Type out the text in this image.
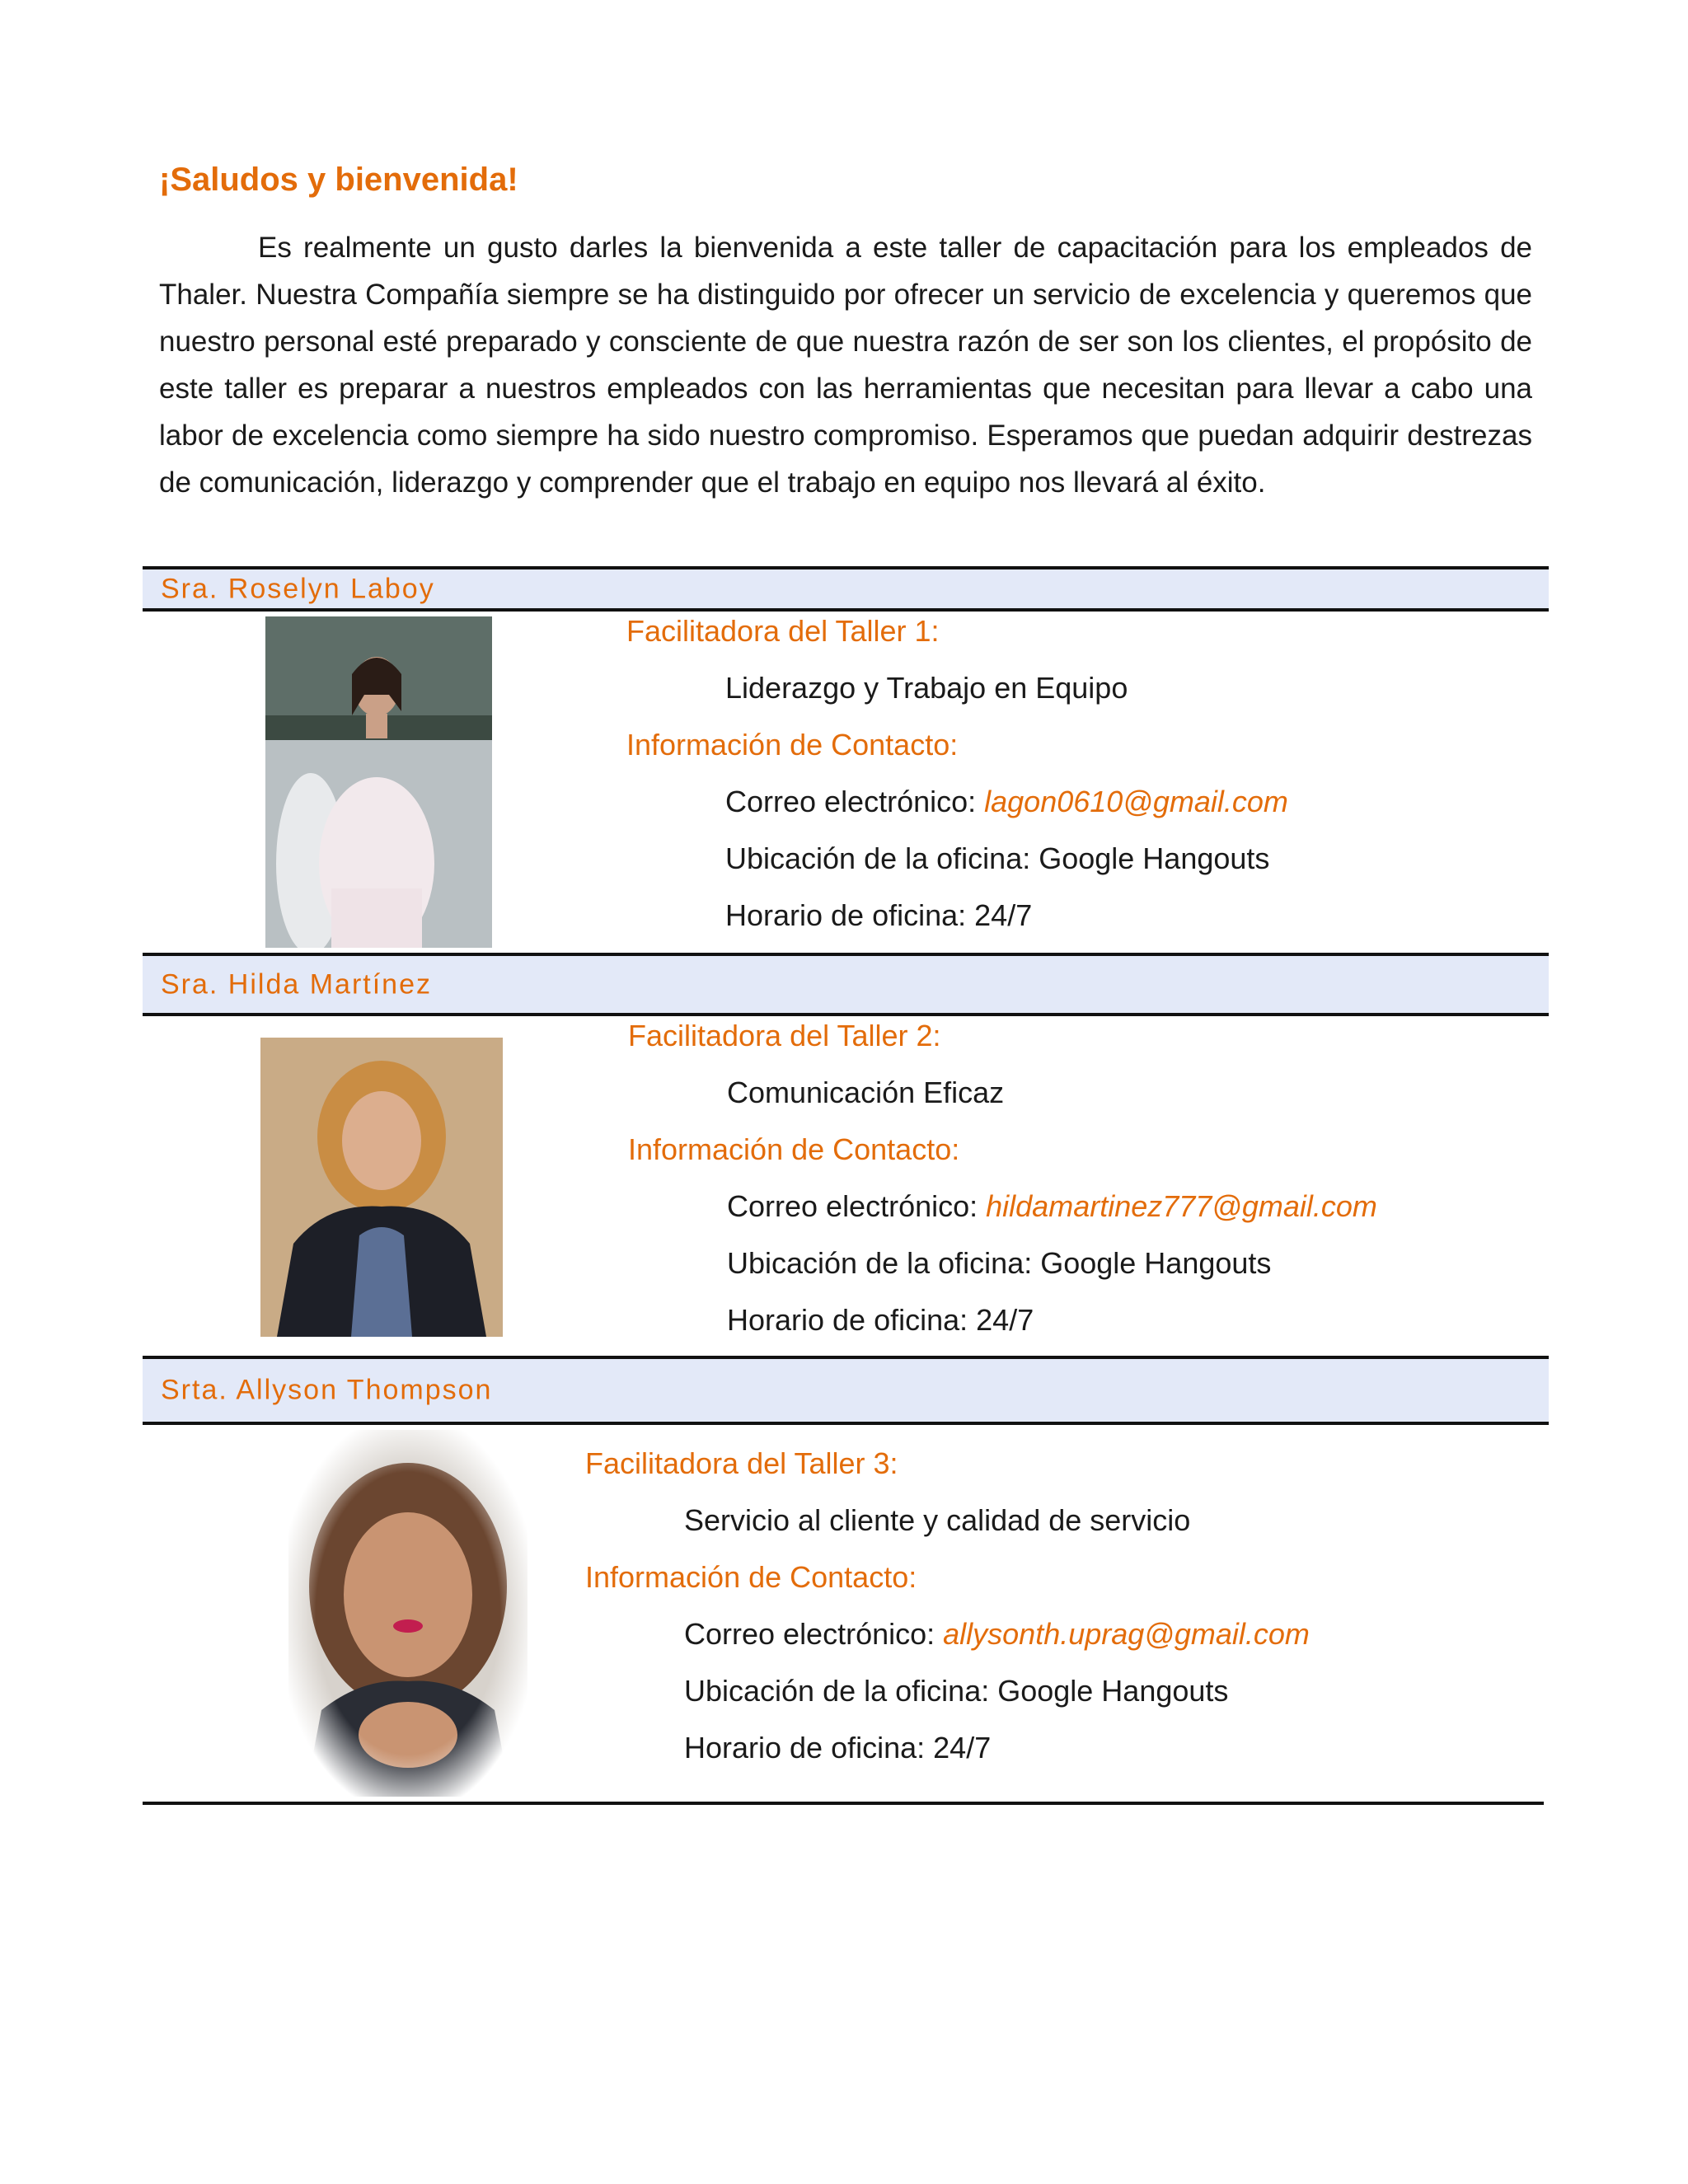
¡Saludos y bienvenida!

Es realmente un gusto darles la bienvenida a este taller de capacitación para los empleados de Thaler. Nuestra Compañía siempre se ha distinguido por ofrecer un servicio de excelencia y queremos que nuestro personal esté preparado y consciente de que nuestra razón de ser son los clientes, el propósito de este taller es preparar a nuestros empleados con las herramientas que necesitan para llevar a cabo una labor de excelencia como siempre ha sido nuestro compromiso. Esperamos que puedan adquirir destrezas de comunicación, liderazgo y comprender que el trabajo en equipo nos llevará al éxito.

Sra. Roselyn Laboy
Facilitadora del Taller 1:
Liderazgo y Trabajo en Equipo
Información de Contacto:
Correo electrónico: lagon0610@gmail.com
Ubicación de la oficina: Google Hangouts
Horario de oficina: 24/7
Sra. Hilda Martínez
Facilitadora del Taller 2:
Comunicación Eficaz
Información de Contacto:
Correo electrónico: hildamartinez777@gmail.com
Ubicación de la oficina: Google Hangouts
Horario de oficina: 24/7
Srta. Allyson Thompson
Facilitadora del Taller 3:
Servicio al cliente y calidad de servicio
Información de Contacto:
Correo electrónico: allysonth.uprag@gmail.com
Ubicación de la oficina: Google Hangouts
Horario de oficina: 24/7
